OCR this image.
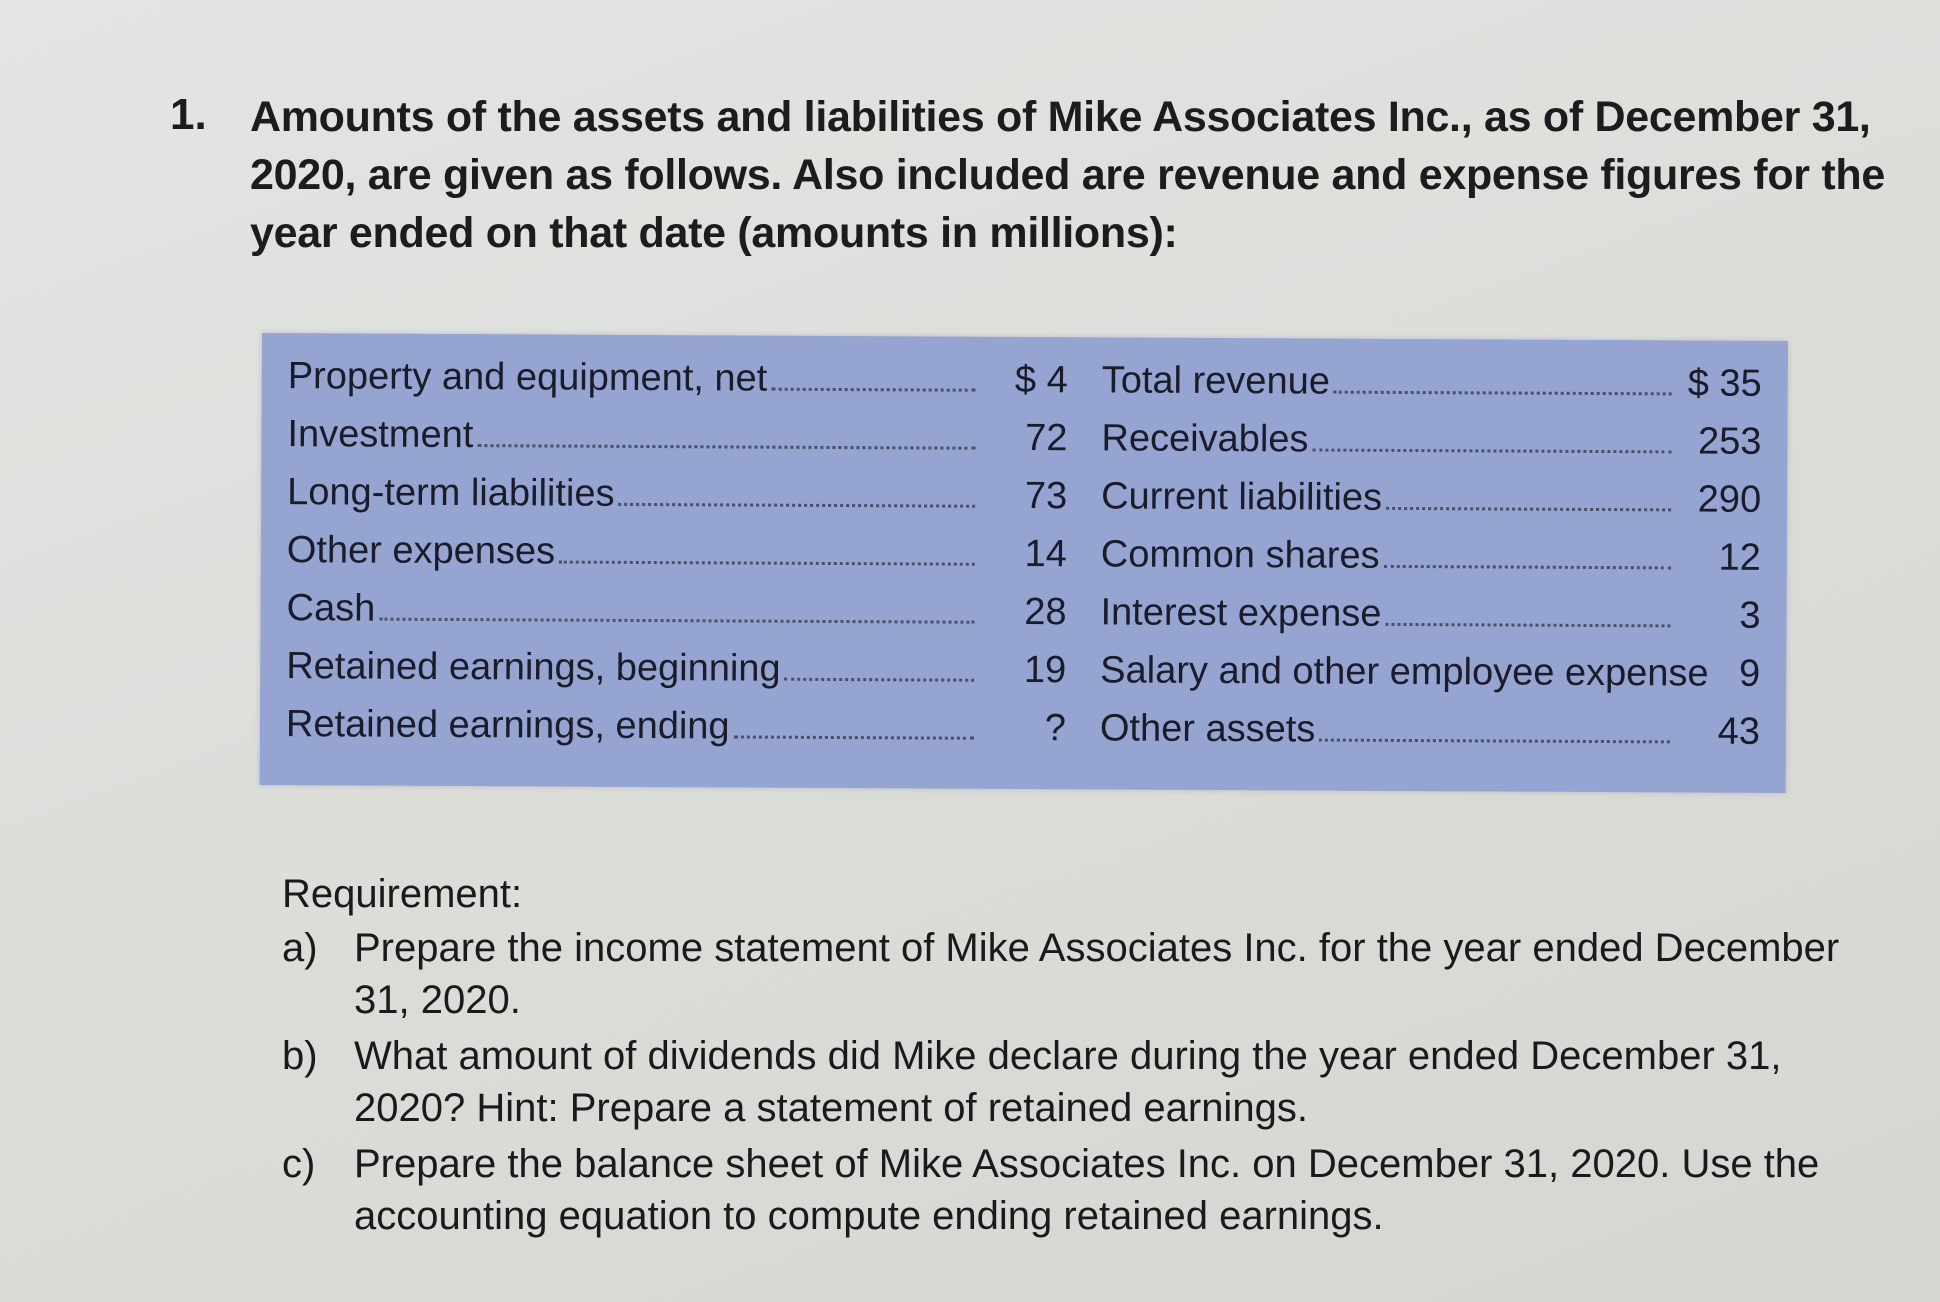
1.	Amounts of the assets and liabilities of Mike Associates Inc., as of December 31, 2020, are given as follows. Also included are revenue and expense figures for the year ended on that date (amounts in millions):
Property and equipment, net	$ 4
Investment	72
Long-term liabilities	73
Other expenses	14
Cash	28
Retained earnings, beginning	19
Retained earnings, ending	?
Total revenue	$ 35
Receivables	253
Current liabilities	290
Common shares	12
Interest expense	3
Salary and other employee expense 9
Other assets	43
Requirement:
a) Prepare the income statement of Mike Associates Inc. for the year ended December 31, 2020.
b) What amount of dividends did Mike declare during the year ended December 31, 2020? Hint: Prepare a statement of retained earnings.
c) Prepare the balance sheet of Mike Associates Inc. on December 31, 2020. Use the accounting equation to compute ending retained earnings.
